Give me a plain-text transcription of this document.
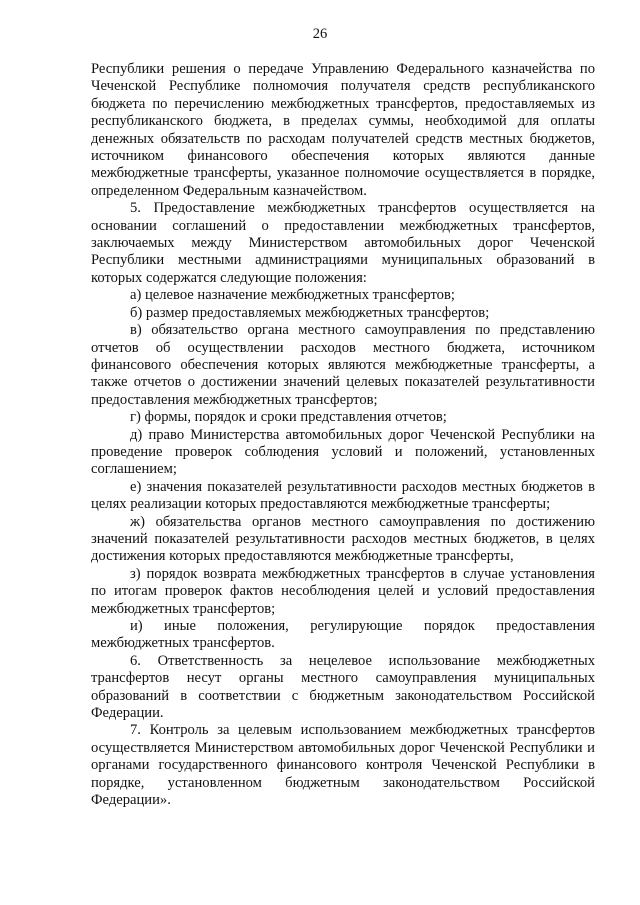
26

Республики решения о передаче Управлению Федерального казначейства по Чеченской Республике полномочия получателя средств республиканского бюджета по перечислению межбюджетных трансфертов, предоставляемых из республиканского бюджета, в пределах суммы, необходимой для оплаты денежных обязательств по расходам получателей средств местных бюджетов, источником финансового обеспечения которых являются данные межбюджетные трансферты, указанное полномочие осуществляется в порядке, определенном Федеральным казначейством.

5. Предоставление межбюджетных трансфертов осуществляется на основании соглашений о предоставлении межбюджетных трансфертов, заключаемых между Министерством автомобильных дорог Чеченской Республики местными администрациями муниципальных образований в которых содержатся следующие положения:

а) целевое назначение межбюджетных трансфертов;

б) размер предоставляемых межбюджетных трансфертов;

в) обязательство органа местного самоуправления по представлению отчетов об осуществлении расходов местного бюджета, источником финансового обеспечения которых являются межбюджетные трансферты, а также отчетов о достижении значений целевых показателей результативности предоставления межбюджетных трансфертов;

г) формы, порядок и сроки представления отчетов;

д) право Министерства автомобильных дорог Чеченской Республики на проведение проверок соблюдения условий и положений, установленных соглашением;

е) значения показателей результативности расходов местных бюджетов в целях реализации которых предоставляются межбюджетные трансферты;

ж) обязательства органов местного самоуправления по достижению значений показателей результативности расходов местных бюджетов, в целях достижения которых предоставляются межбюджетные трансферты,

з) порядок возврата межбюджетных трансфертов в случае установления по итогам проверок фактов несоблюдения целей и условий предоставления межбюджетных трансфертов;

и) иные положения, регулирующие порядок предоставления межбюджетных трансфертов.

6. Ответственность за нецелевое использование межбюджетных трансфертов несут органы местного самоуправления муниципальных образований в соответствии с бюджетным законодательством Российской Федерации.

7. Контроль за целевым использованием межбюджетных трансфертов осуществляется Министерством автомобильных дорог Чеченской Республики и органами государственного финансового контроля Чеченской Республики в порядке, установленном бюджетным законодательством Российской Федерации».
